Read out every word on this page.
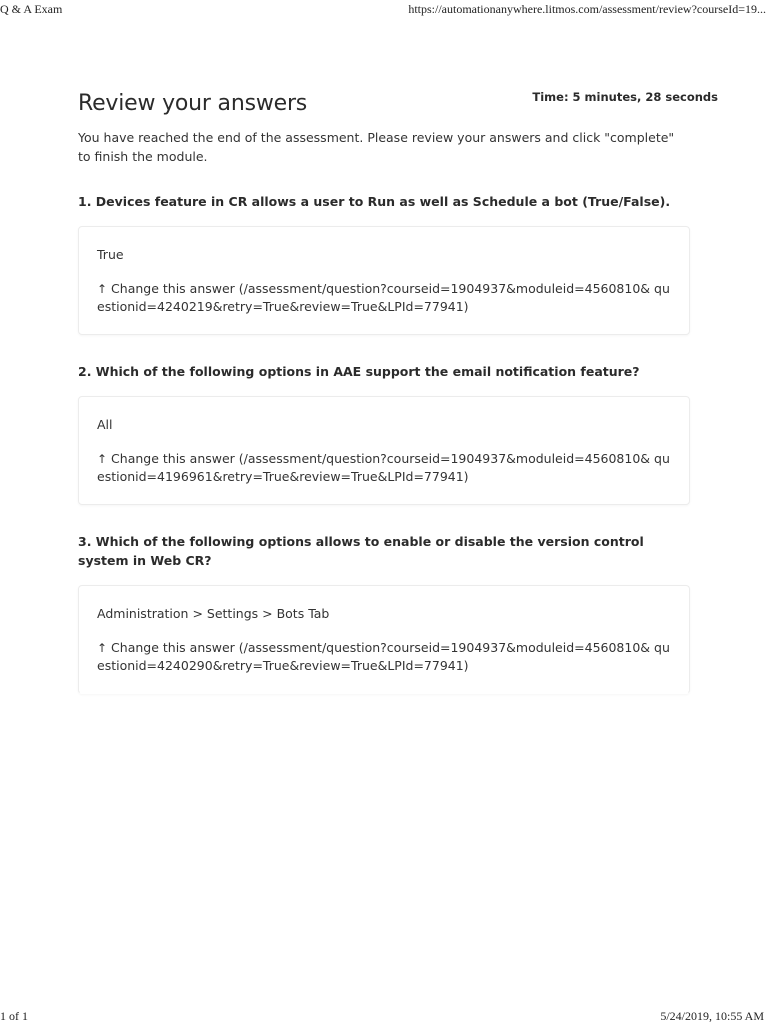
Q & A Exam	https://automationanywhere.litmos.com/assessment/review?courseId=19...
Review your answers	Time: 5 minutes, 28 seconds

You have reached the end of the assessment. Please review your answers and click "complete" to finish the module.

1. Devices feature in CR allows a user to Run as well as Schedule a bot (True/False).
True
↑ Change this answer (/assessment/question?courseid=1904937&moduleid=4560810& questionid=4240219&retry=True&review=True&LPId=77941)
2. Which of the following options in AAE support the email notification feature?
All
↑ Change this answer (/assessment/question?courseid=1904937&moduleid=4560810& questionid=4196961&retry=True&review=True&LPId=77941)
3. Which of the following options allows to enable or disable the version control system in Web CR?
Administration > Settings > Bots Tab
↑ Change this answer (/assessment/question?courseid=1904937&moduleid=4560810& questionid=4240290&retry=True&review=True&LPId=77941)
1 of 1	5/24/2019, 10:55 AM
